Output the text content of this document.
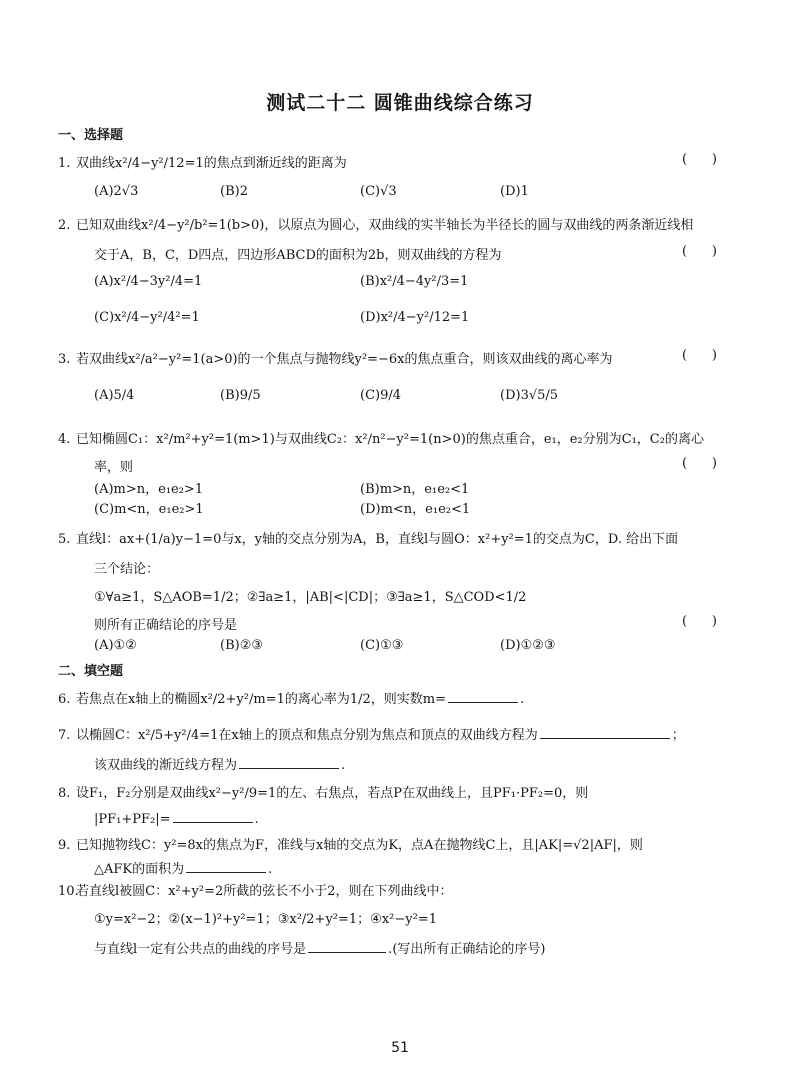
测试二十二 圆锥曲线综合练习
一、选择题
1. 双曲线x²/4−y²/12=1的焦点到渐近线的距离为	(      )
(A)2√3	(B)2	(C)√3	(D)1
2. 已知双曲线x²/4−y²/b²=1(b>0)，以原点为圆心，双曲线的实半轴长为半径长的圆与双曲线的两条渐近线相
交于A，B，C，D四点，四边形ABCD的面积为2b，则双曲线的方程为	(      )
(A)x²/4−3y²/4=1	(B)x²/4−4y²/3=1
(C)x²/4−y²/4²=1	(D)x²/4−y²/12=1
3. 若双曲线x²/a²−y²=1(a>0)的一个焦点与抛物线y²=−6x的焦点重合，则该双曲线的离心率为	(      )
(A)5/4	(B)9/5	(C)9/4	(D)3√5/5
4. 已知椭圆C₁：x²/m²+y²=1(m>1)与双曲线C₂：x²/n²−y²=1(n>0)的焦点重合，e₁，e₂分别为C₁，C₂的离心
率，则	(      )
(A)m>n，e₁e₂>1	(B)m>n，e₁e₂<1
(C)m<n，e₁e₂>1	(D)m<n，e₁e₂<1
5. 直线l：ax+(1/a)y−1=0与x，y轴的交点分别为A，B，直线l与圆O：x²+y²=1的交点为C，D. 给出下面
三个结论：
①∀a≥1，S△AOB=1/2；②∃a≥1，|AB|<|CD|；③∃a≥1，S△COD<1/2
则所有正确结论的序号是	(      )
(A)①②	(B)②③	(C)①③	(D)①②③
二、填空题
6. 若焦点在x轴上的椭圆x²/2+y²/m=1的离心率为1/2，则实数m=	.
7. 以椭圆C：x²/5+y²/4=1在x轴上的顶点和焦点分别为焦点和顶点的双曲线方程为	；
该双曲线的渐近线方程为	.
8. 设F₁，F₂分别是双曲线x²−y²/9=1的左、右焦点，若点P在双曲线上，且PF₁·PF₂=0，则
|PF₁+PF₂|=	.
9. 已知抛物线C：y²=8x的焦点为F，准线与x轴的交点为K，点A在抛物线C上，且|AK|=√2|AF|，则
△AFK的面积为	.
10.若直线l被圆C：x²+y²=2所截的弦长不小于2，则在下列曲线中：
①y=x²−2；②(x−1)²+y²=1；③x²/2+y²=1；④x²−y²=1
与直线l一定有公共点的曲线的序号是	.(写出所有正确结论的序号)
51
